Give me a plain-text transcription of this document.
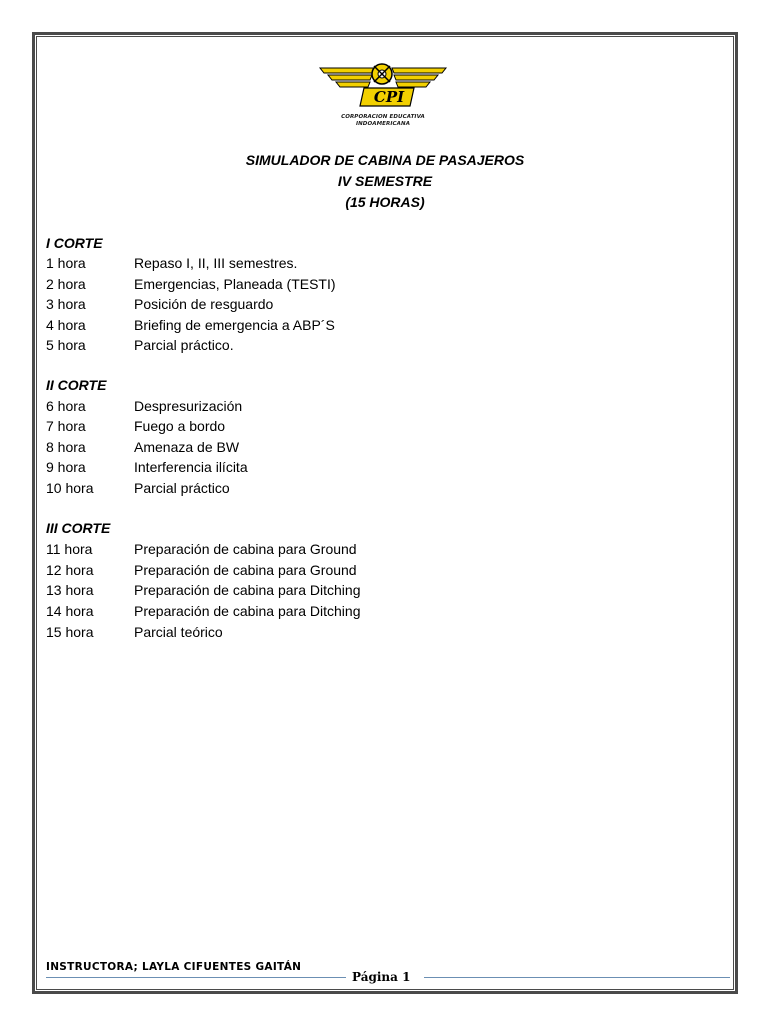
CPI
CORPORACION EDUCATIVA
INDOAMERICANA
SIMULADOR DE CABINA DE PASAJEROS
IV SEMESTRE
(15 HORAS)
I CORTE
1 hora	Repaso I, II, III semestres.
2 hora	Emergencias, Planeada (TESTI)
3 hora	Posición de resguardo
4 hora	Briefing de emergencia a ABP´S
5 hora	Parcial práctico.
II CORTE
6 hora	Despresurización
7 hora	Fuego a bordo
8 hora	Amenaza de BW
9 hora	Interferencia ilícita
10 hora	Parcial práctico
III CORTE
11 hora	Preparación de cabina para Ground
12 hora	Preparación de cabina para Ground
13 hora	Preparación de cabina para Ditching
14 hora	Preparación de cabina para Ditching
15 hora	Parcial teórico
INSTRUCTORA; LAYLA CIFUENTES GAITÁN
Página 1
